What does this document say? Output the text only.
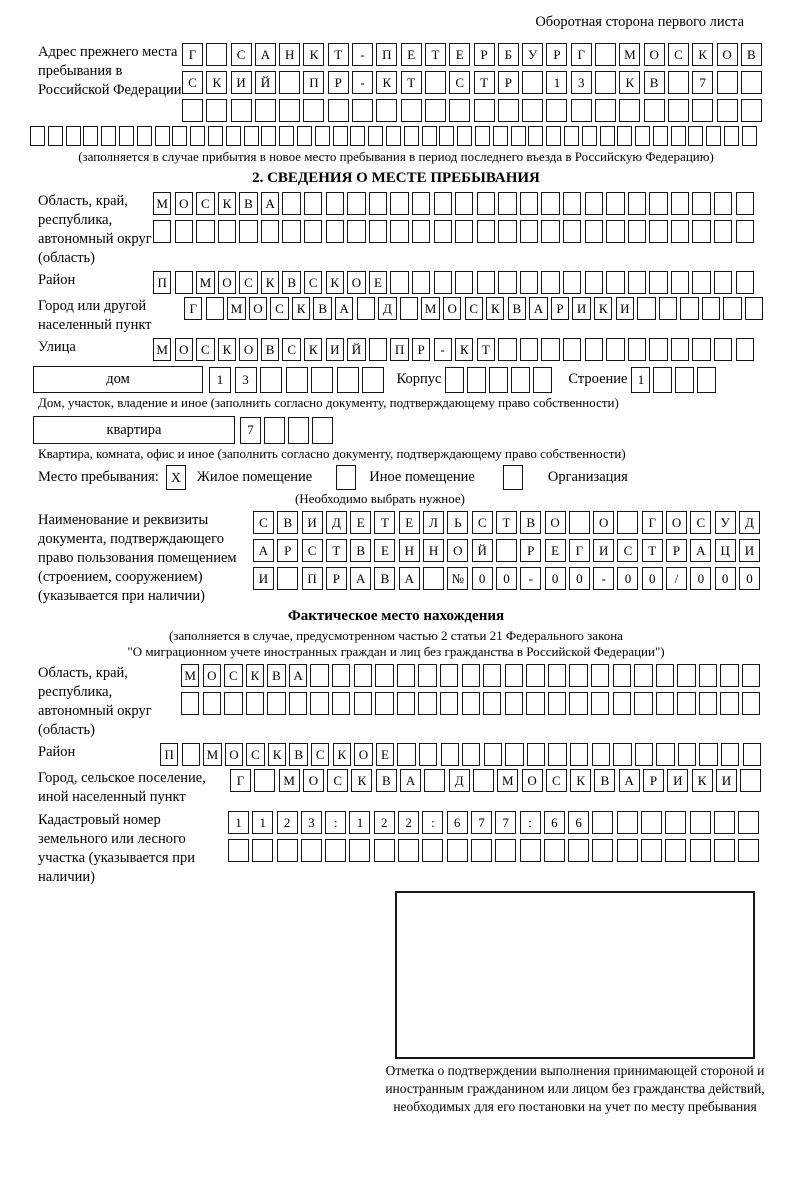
Оборотная сторона первого листа
Адрес прежнего места пребывания в Российской Федерации
Г	С	А	Н	К	Т	-	П	Е	Т	Е	Р	Б	У	Р	Г	М	О	С	К	О	В
С	К	И	Й	П	Р	-	К	Т	С	Т	Р	1	3	К	В	7
(заполняется в случае прибытия в новое место пребывания в период последнего въезда в Российскую Федерацию)
2. СВЕДЕНИЯ О МЕСТЕ ПРЕБЫВАНИЯ
Область, край, республика, автономный округ (область)
М О С К В А
Район	П	М О С К В С К О Е
Город или другой населенный пункт
Г	М О С К В А	Д	М О С К В А	Р	И К И
Улица	М О С К О В С К И Й	П	Р	-	К	Т
дом	1	3	Корпус	Строение 1
Дом, участок, владение и иное (заполнить согласно документу, подтверждающему право собственности)
квартира	7
Квартира, комната, офис и иное (заполнить согласно документу, подтверждающему право собственности)
Место пребывания: X	Жилое помещение	Иное помещение	Организация
(Необходимо выбрать нужное)
Наименование и реквизиты документа, подтверждающего право пользования помещением (строением, сооружением) (указывается при наличии)
С	В	И	Д	Е	Т	Е	Л	Ь	С	Т	В	О	О	Г	О	С	У	Д
А	Р	С	Т	В	Е	Н	Н	О	Й	Р	Е	Г	И	С	Т	Р	А	Ц	И
И	П	Р	А	В	А	№	0	0	-	0	0	-	0	0	/	0	0	0
Фактическое место нахождения
(заполняется в случае, предусмотренном частью 2 статьи 21 Федерального закона
"О миграционном учете иностранных граждан и лиц без гражданства в Российской Федерации")
Область, край, республика, автономный округ (область)
М О С К В А
Район	П	М О С К В С К О Е
Город, сельское поселение, иной населенный пункт
Г	М	О	С	К	В	А	Д	М	О	С	К	В	А	Р	И	К	И
Кадастровый номер земельного или лесного участка (указывается при наличии)
1	1	2	3	:	1	2	2	:	6	7	7	:	6	6
Отметка о подтверждении выполнения принимающей стороной и иностранным гражданином или лицом без гражданства действий, необходимых для его постановки на учет по месту пребывания
